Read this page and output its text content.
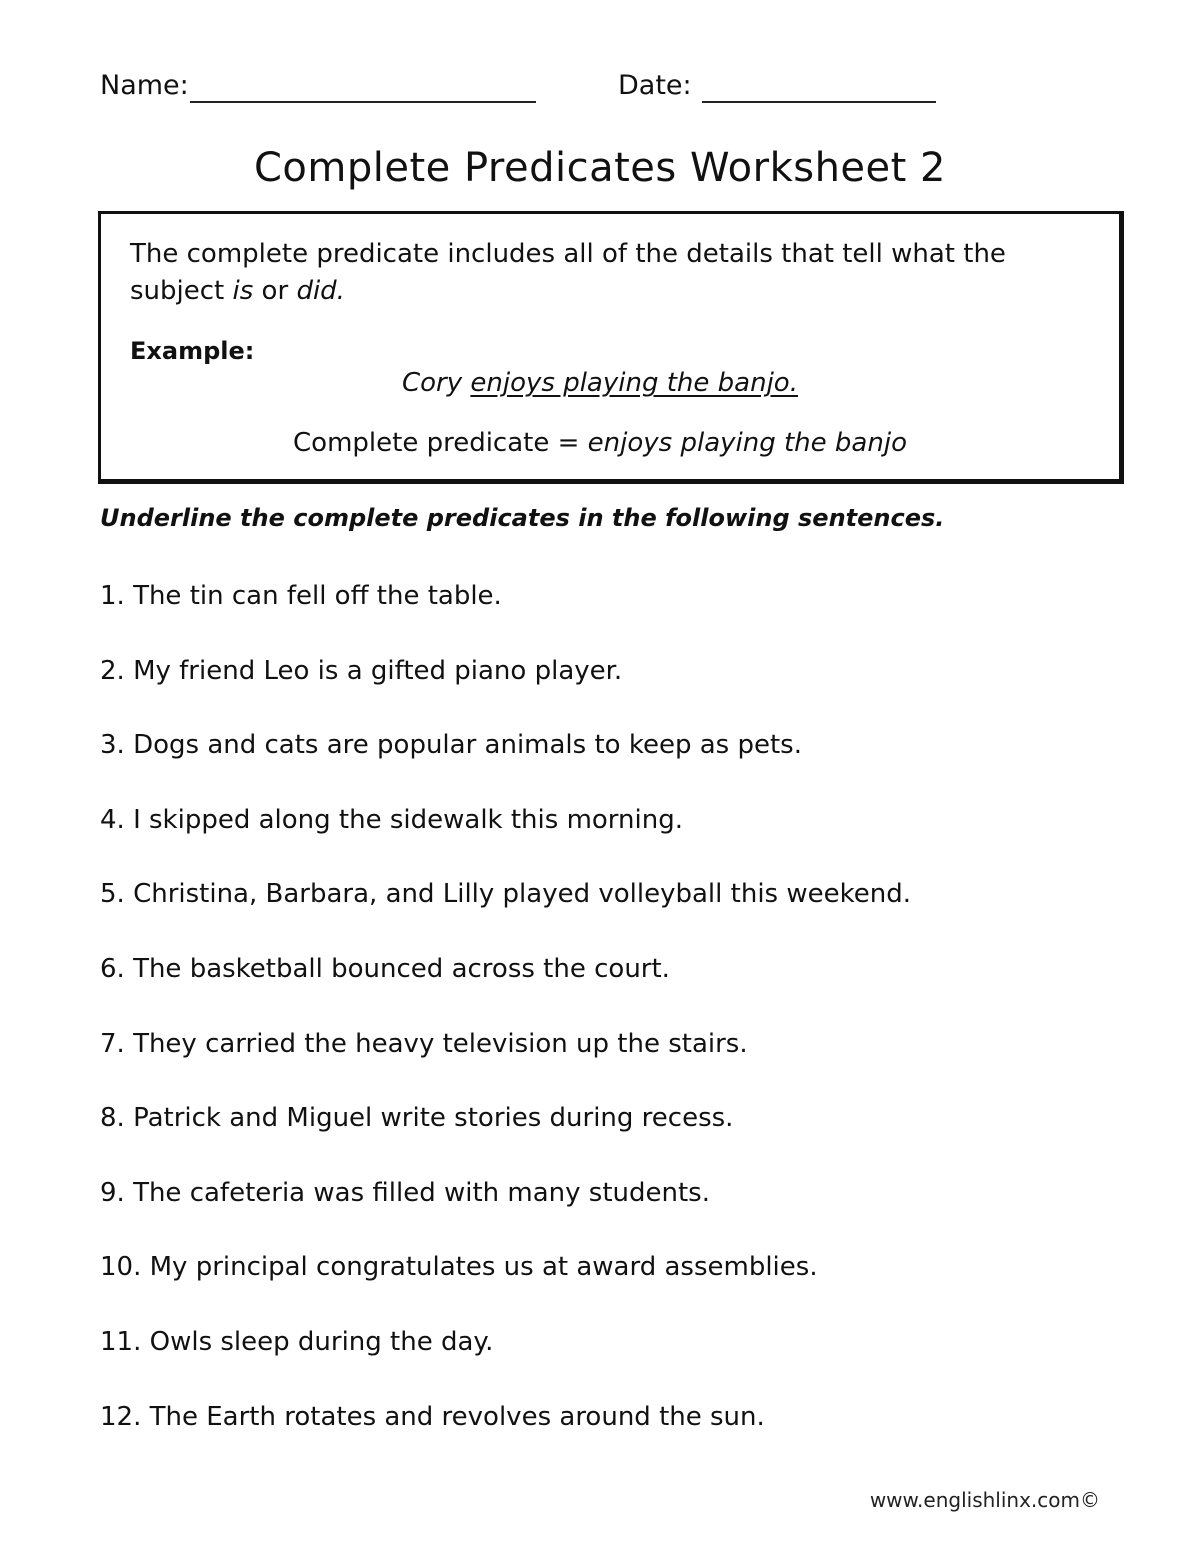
Name:	Date:
Complete Predicates Worksheet 2
The complete predicate includes all of the details that tell what the subject is or did.
Example:
Cory enjoys playing the banjo.
Complete predicate = enjoys playing the banjo
Underline the complete predicates in the following sentences.
1. The tin can fell off the table.
2. My friend Leo is a gifted piano player.
3. Dogs and cats are popular animals to keep as pets.
4. I skipped along the sidewalk this morning.
5. Christina, Barbara, and Lilly played volleyball this weekend.
6. The basketball bounced across the court.
7. They carried the heavy television up the stairs.
8. Patrick and Miguel write stories during recess.
9. The cafeteria was filled with many students.
10. My principal congratulates us at award assemblies.
11. Owls sleep during the day.
12. The Earth rotates and revolves around the sun.
www.englishlinx.com©
